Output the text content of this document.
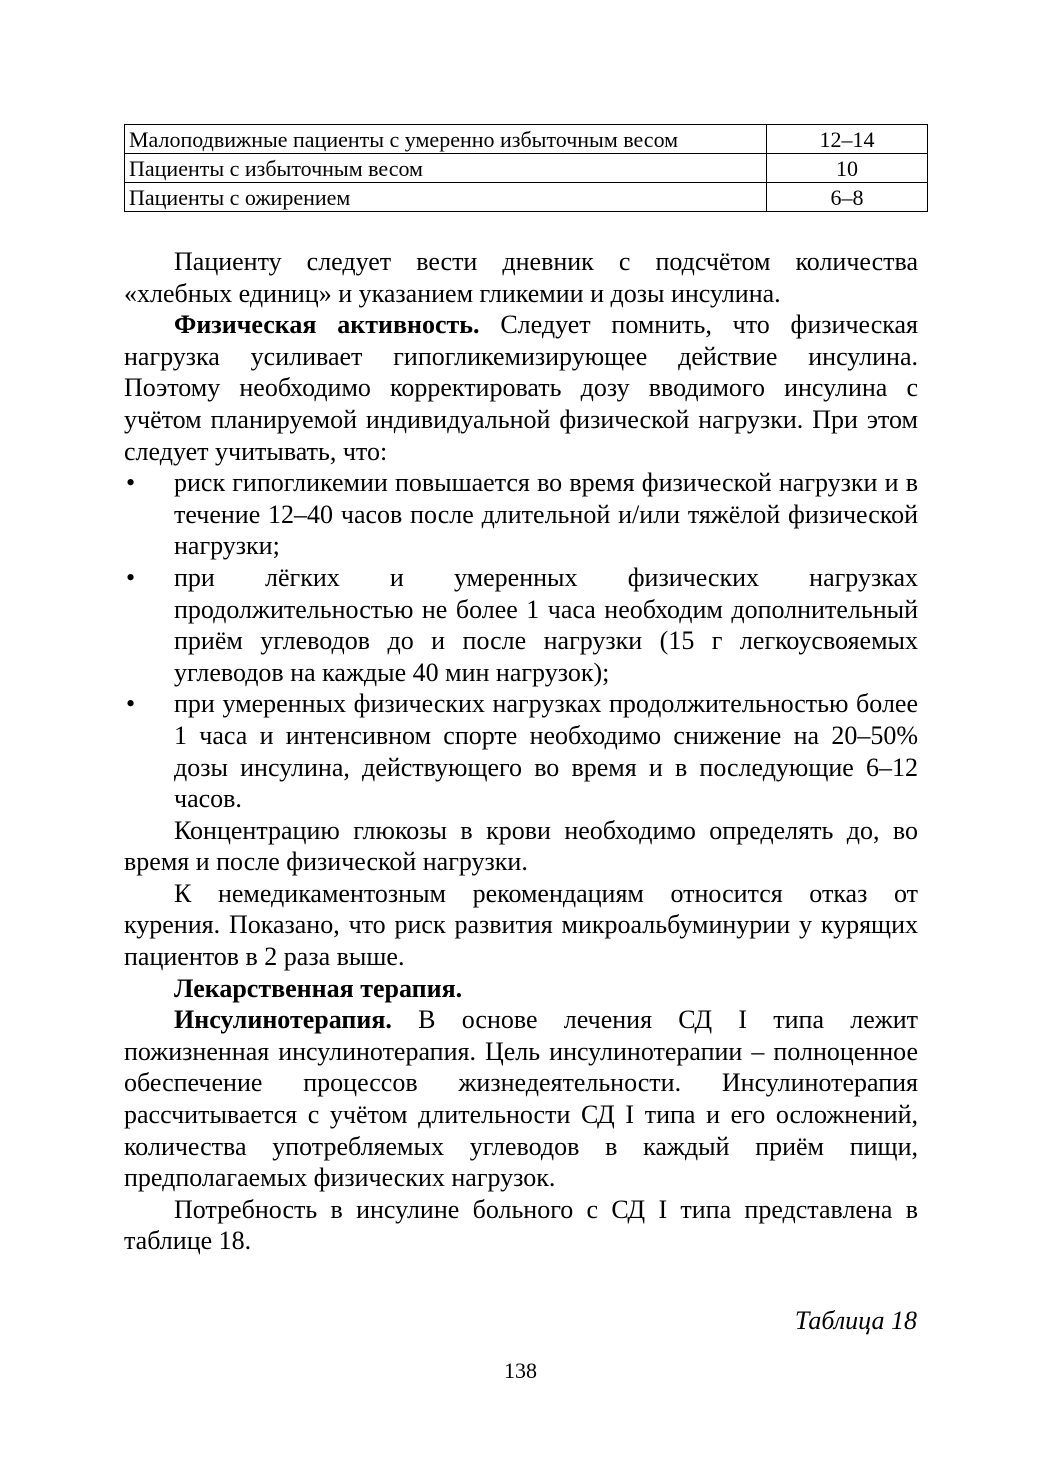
Малоподвижные пациенты с умеренно избыточным весом	12–14
Пациенты с избыточным весом	10
Пациенты с ожирением	6–8

Пациенту следует вести дневник с подсчётом количества «хлебных единиц» и указанием гликемии и дозы инсулина.

Физическая активность. Следует помнить, что физическая нагрузка усиливает гипогликемизирующее действие инсулина. Поэтому необходимо корректировать дозу вводимого инсулина с учётом планируемой индивидуальной физической нагрузки. При этом следует учитывать, что:

• риск гипогликемии повышается во время физической нагрузки и в течение 12–40 часов после длительной и/или тяжёлой физической нагрузки;
• при лёгких и умеренных физических нагрузках продолжительностью не более 1 часа необходим дополнительный приём углеводов до и после нагрузки (15 г легкоусвояемых углеводов на каждые 40 мин нагрузок);
• при умеренных физических нагрузках продолжительностью более 1 часа и интенсивном спорте необходимо снижение на 20–50% дозы инсулина, действующего во время и в последующие 6–12 часов.

Концентрацию глюкозы в крови необходимо определять до, во время и после физической нагрузки.

К немедикаментозным рекомендациям относится отказ от курения. Показано, что риск развития микроальбуминурии у курящих пациентов в 2 раза выше.

Лекарственная терапия.

Инсулинотерапия. В основе лечения СД I типа лежит пожизненная инсулинотерапия. Цель инсулинотерапии – полноценное обеспечение процессов жизнедеятельности. Инсулинотерапия рассчитывается с учётом длительности СД I типа и его осложнений, количества употребляемых углеводов в каждый приём пищи, предполагаемых физических нагрузок.

Потребность в инсулине больного с СД I типа представлена в таблице 18.

Таблица 18
138
